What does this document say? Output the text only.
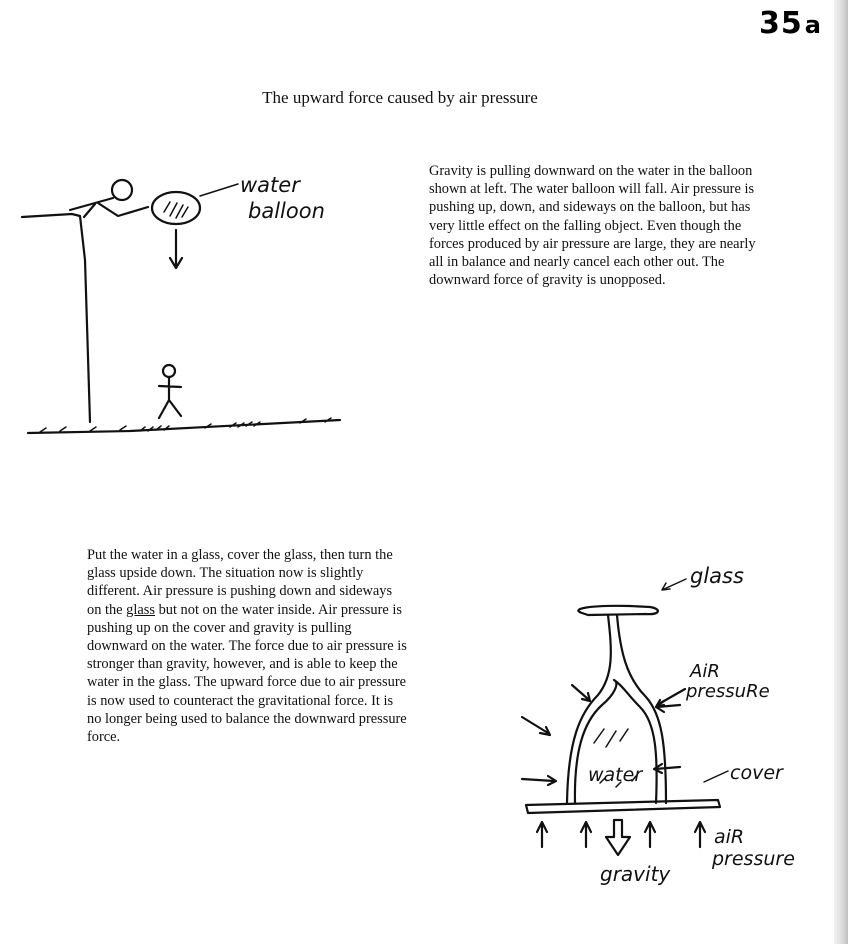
35a
The upward force caused by air pressure

Gravity is pulling downward on the water in the balloon shown at left. The water balloon will fall. Air pressure is pushing up, down, and sideways on the balloon, but has very little effect on the falling object. Even though the forces produced by air pressure are large, they are nearly all in balance and nearly cancel each other out. The downward force of gravity is unopposed.

Put the water in a glass, cover the glass, then turn the glass upside down. The situation now is slightly different. Air pressure is pushing down and sideways on the glass but not on the water inside. Air pressure is pushing up on the cover and gravity is pulling downward on the water. The force due to air pressure is stronger than gravity, however, and is able to keep the water in the glass. The upward force due to air pressure is now used to counteract the gravitational force. It is no longer being used to balance the downward pressure force.

water
balloon
glass
AiR
pressuRe
water	cover
gravity
aiR
pressure
